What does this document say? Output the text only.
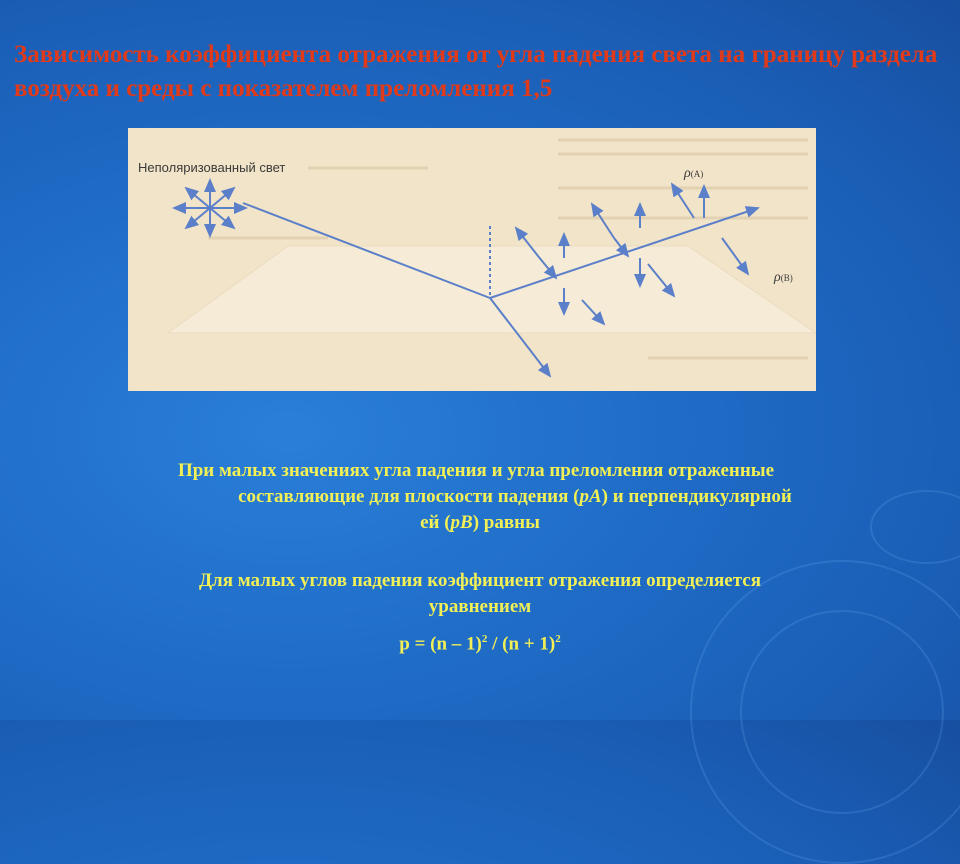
Зависимость коэффициента отражения от угла падения света на границу раздела воздуха и среды с показателем преломления 1,5
Неполяризованный свет	ρ(A)
ρ(B)
При малых значениях угла падения и угла преломления отраженные
составляющие для плоскости падения (pA) и перпендикулярной
ей (pB) равны
Для малых углов падения коэффициент отражения определяется
уравнением
$p = (n - 1)^2 / (n + 1)^2$
